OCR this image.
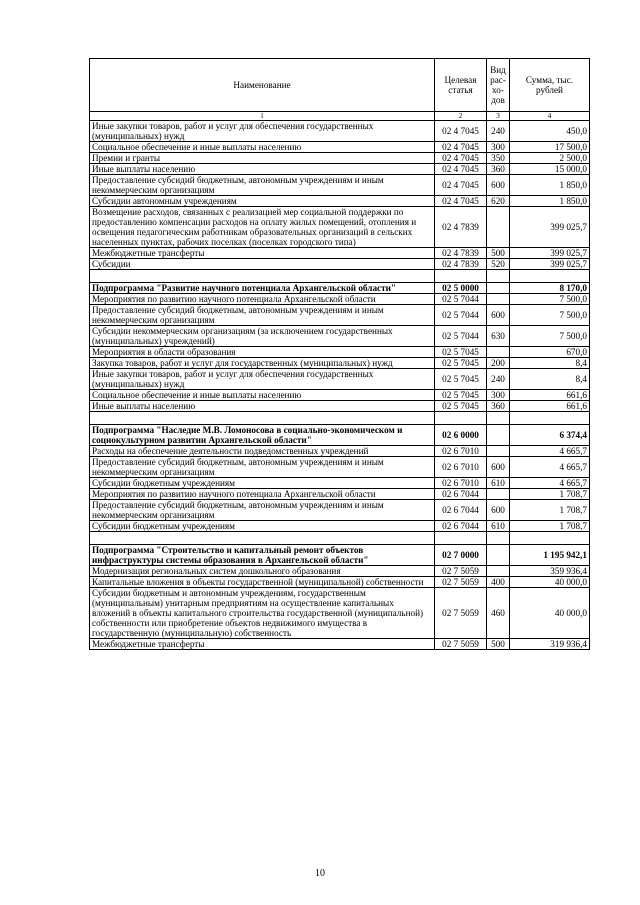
Наименование	Целевая статья	Вид рас-хо-дов	Сумма, тыс. рублей
1	2	3	4
Иные закупки товаров, работ и услуг для обеспечения государственных (муниципальных) нужд	02 4 7045	240	450,0
Социальное обеспечение и иные выплаты населению	02 4 7045	300	17 500,0
Премии и гранты	02 4 7045	350	2 500,0
Иные выплаты населению	02 4 7045	360	15 000,0
Предоставление субсидий бюджетным, автономным учреждениям и иным некоммерческим организациям	02 4 7045	600	1 850,0
Субсидии автономным учреждениям	02 4 7045	620	1 850,0
Возмещение расходов, связанных с реализацией мер социальной поддержки по предоставлению компенсации расходов на оплату жилых помещений, отопления и освещения педагогическим работникам образовательных организаций в сельских населенных пунктах, рабочих поселках (поселках городского типа)	02 4 7839		399 025,7
Межбюджетные трансферты	02 4 7839	500	399 025,7
Субсидии	02 4 7839	520	399 025,7

Подпрограмма "Развитие научного потенциала Архангельской области"	02 5 0000		8 170,0
Мероприятия по развитию научного потенциала Архангельской области	02 5 7044		7 500,0
Предоставление субсидий бюджетным, автономным учреждениям и иным некоммерческим организациям	02 5 7044	600	7 500,0
Субсидии некоммерческим организациям (за исключением государственных (муниципальных) учреждений)	02 5 7044	630	7 500,0
Мероприятия в области образования	02 5 7045		670,0
Закупка товаров, работ и услуг для государственных (муниципальных) нужд	02 5 7045	200	8,4
Иные закупки товаров, работ и услуг для обеспечения государственных (муниципальных) нужд	02 5 7045	240	8,4
Социальное обеспечение и иные выплаты населению	02 5 7045	300	661,6
Иные выплаты населению	02 5 7045	360	661,6

Подпрограмма "Наследие М.В. Ломоносова в социально-экономическом и социокультурном развитии Архангельской области"	02 6 0000		6 374,4
Расходы на обеспечение деятельности подведомственных учреждений	02 6 7010		4 665,7
Предоставление субсидий бюджетным, автономным учреждениям и иным некоммерческим организациям	02 6 7010	600	4 665,7
Субсидии бюджетным учреждениям	02 6 7010	610	4 665,7
Мероприятия по развитию научного потенциала Архангельской области	02 6 7044		1 708,7
Предоставление субсидий бюджетным, автономным учреждениям и иным некоммерческим организациям	02 6 7044	600	1 708,7
Субсидии бюджетным учреждениям	02 6 7044	610	1 708,7

Подпрограмма "Строительство и капитальный ремонт объектов инфраструктуры системы образования в Архангельской области"	02 7 0000		1 195 942,1
Модернизация региональных систем дошкольного образования	02 7 5059		359 936,4
Капитальные вложения в объекты государственной (муниципальной) собственности	02 7 5059	400	40 000,0
Субсидии бюджетным и автономным учреждениям, государственным (муниципальным) унитарным предприятиям на осуществление капитальных вложений в объекты капитального строительства государственной (муниципальной) собственности или приобретение объектов недвижимого имущества в государственную (муниципальную) собственность	02 7 5059	460	40 000,0
Межбюджетные трансферты	02 7 5059	500	319 936,4
10
